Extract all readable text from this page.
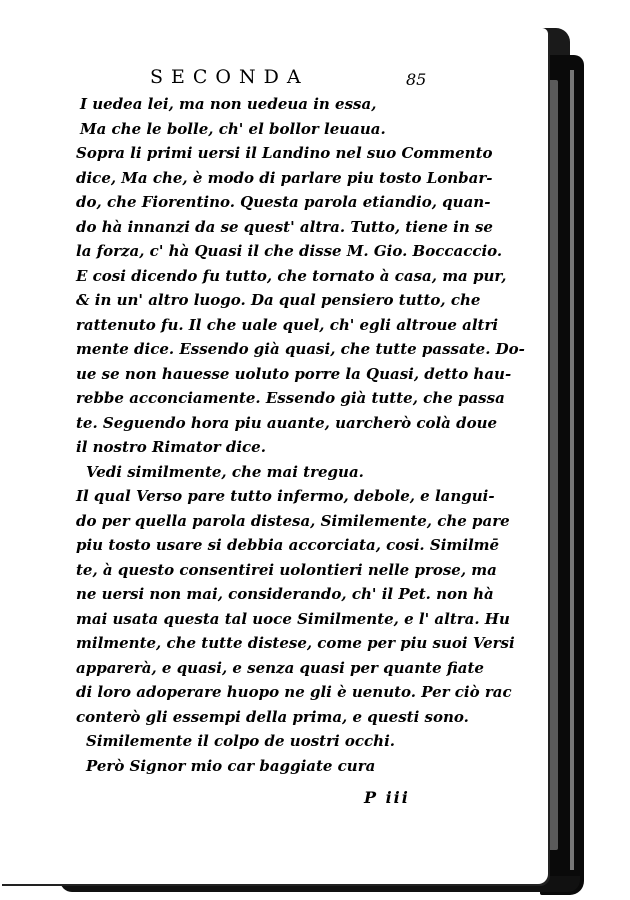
SECONDA	85
I uedea lei, ma non uedeua in essa,
Ma che le bolle, ch' el bollor leuaua.
Sopra li primi uersi il Landino nel suo Commento
dice, Ma che, è modo di parlare piu tosto Lonbar-
do, che Fiorentino. Questa parola etiandio, quan-
do hà innanzi da se quest' altra. Tutto, tiene in se
la forza, c' hà Quasi il che disse M. Gio. Boccaccio.
E cosi dicendo fu tutto, che tornato à casa, ma pur,
& in un' altro luogo. Da qual pensiero tutto, che
rattenuto fu. Il che uale quel, ch' egli altroue altri
mente dice. Essendo già quasi, che tutte passate. Do-
ue se non hauesse uoluto porre la Quasi, detto hau-
rebbe acconciamente. Essendo già tutte, che passa
te. Seguendo hora piu auante, uarcherò colà doue
il nostro Rimator dice.
Vedi similmente, che mai tregua.
Il qual Verso pare tutto infermo, debole, e langui-
do per quella parola distesa, Similemente, che pare
piu tosto usare si debbia accorciata, cosi. Similmē
te, à questo consentirei uolontieri nelle prose, ma
ne uersi non mai, considerando, ch' il Pet. non hà
mai usata questa tal uoce Similmente, e l' altra. Hu
milmente, che tutte distese, come per piu suoi Versi
apparerà, e quasi, e senza quasi per quante fiate
di loro adoperare huopo ne gli è uenuto. Per ciò rac
conterò gli essempi della prima, e questi sono.
Similemente il colpo de uostri occhi.
Però Signor mio car baggiate cura
P iii
